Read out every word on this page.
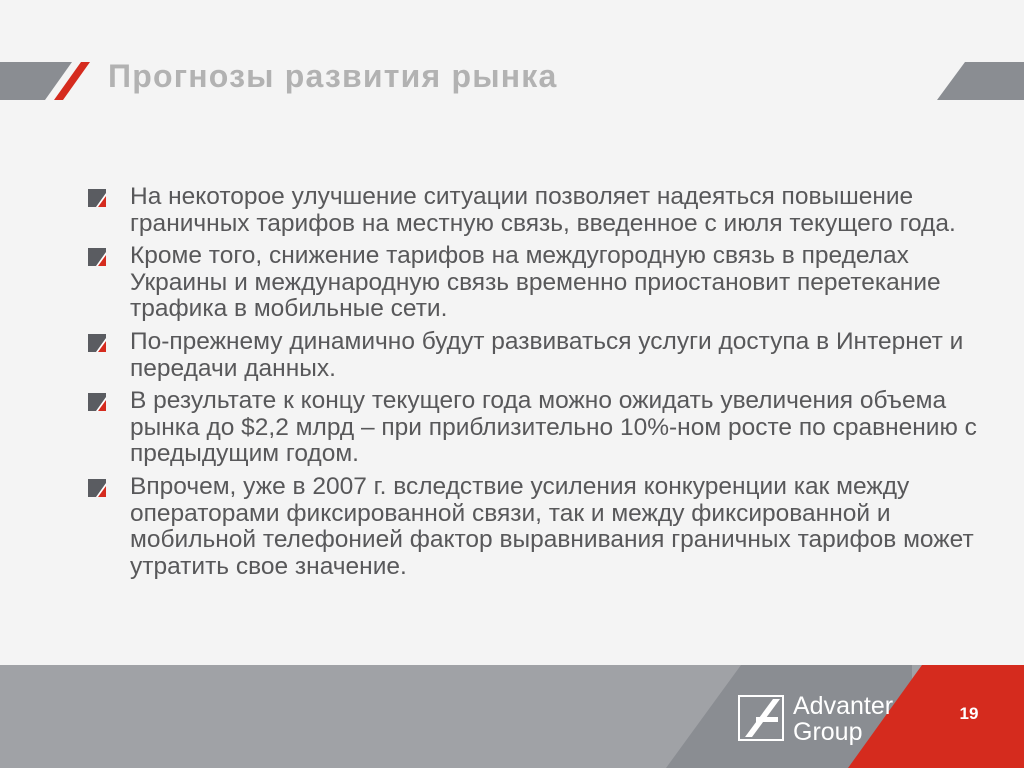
Прогнозы развития рынка
На некоторое улучшение ситуации позволяет надеяться повышение граничных тарифов на местную связь, введенное с июля текущего года.
Кроме того, снижение тарифов на междугородную связь в пределах Украины и международную связь временно приостановит перетекание трафика в мобильные сети.
По-прежнему динамично будут развиваться услуги доступа в Интернет и передачи данных.
В результате к концу текущего года можно ожидать увеличения объема рынка до $2,2 млрд – при приблизительно 10%-ном росте по сравнению с предыдущим годом.
Впрочем, уже в 2007 г. вследствие усиления конкуренции как между операторами фиксированной связи, так и между фиксированной и мобильной телефонией фактор выравнивания граничных тарифов может утратить свое значение.
Advanter
Group
19
